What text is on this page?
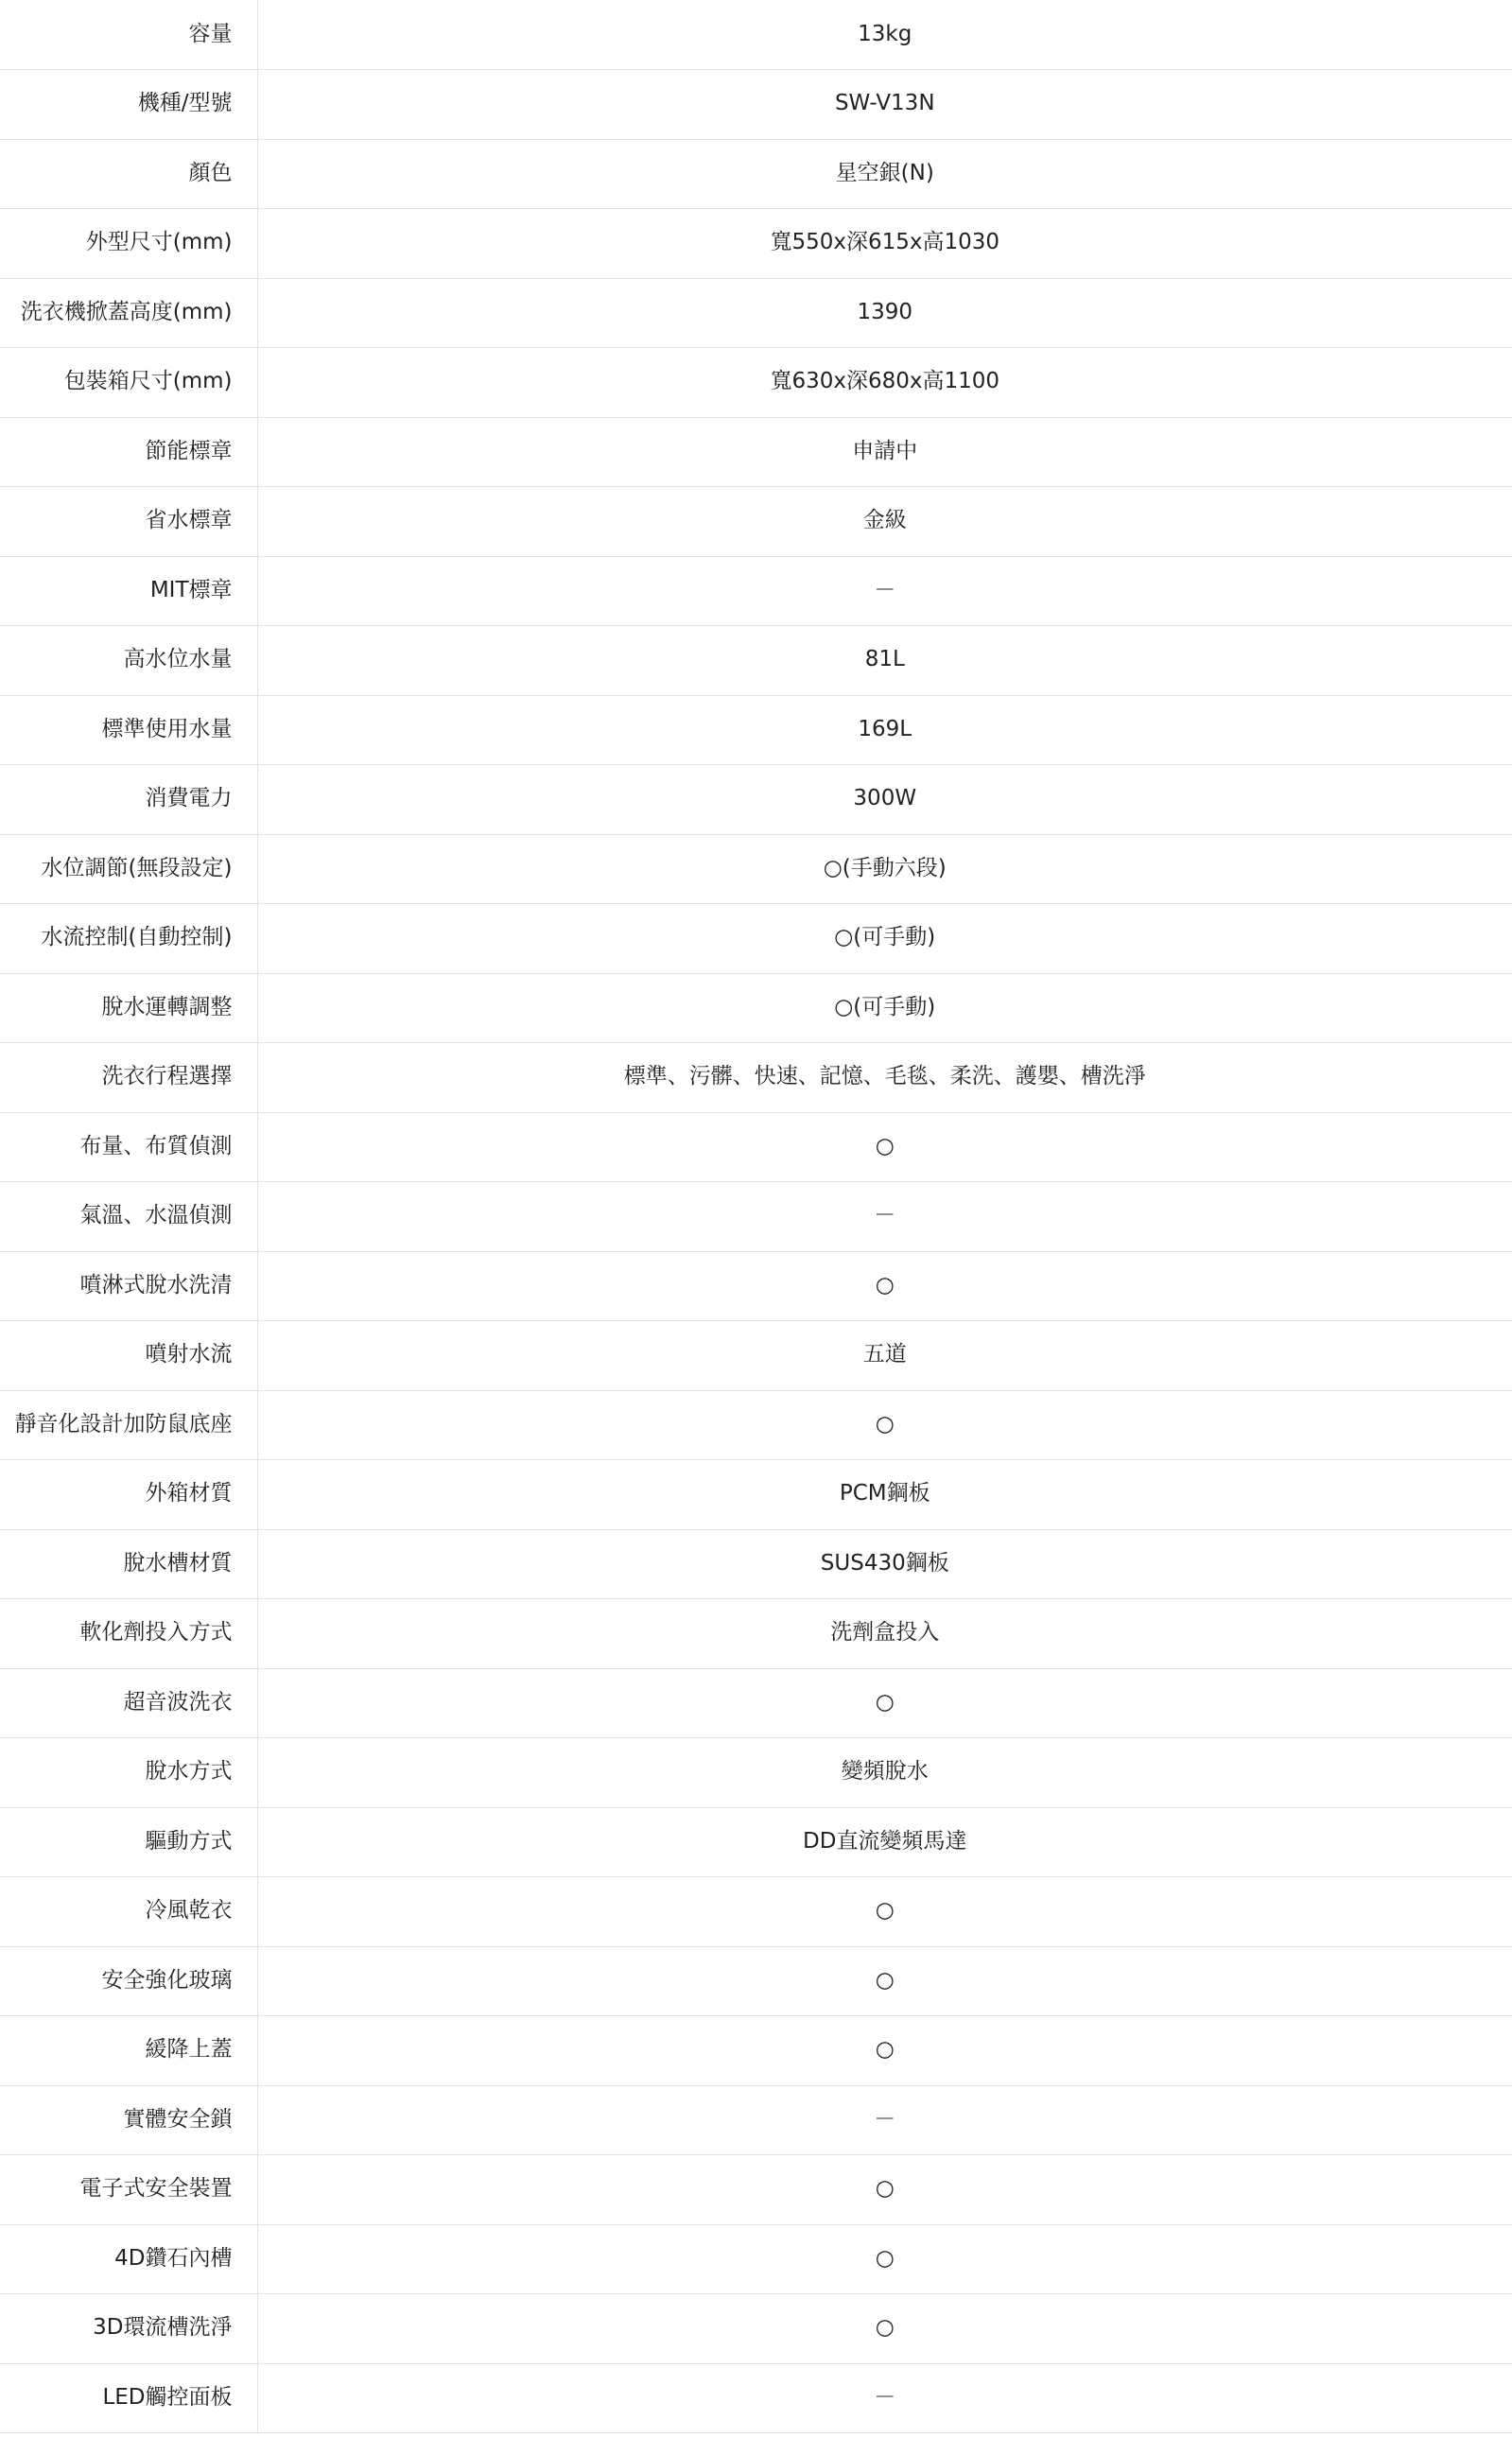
容量	13kg
機種/型號	SW-V13N
顏色	星空銀(N)
外型尺寸(mm)	寬550x深615x高1030
洗衣機掀蓋高度(mm)	1390
包裝箱尺寸(mm)	寬630x深680x高1100
節能標章	申請中
省水標章	金級
MIT標章	－
高水位水量	81L
標準使用水量	169L
消費電力	300W
水位調節(無段設定)	○(手動六段)
水流控制(自動控制)	○(可手動)
脫水運轉調整	○(可手動)
洗衣行程選擇	標準、污髒、快速、記憶、毛毯、柔洗、護嬰、槽洗淨
布量、布質偵測	○
氣溫、水溫偵測	－
噴淋式脫水洗清	○
噴射水流	五道
靜音化設計加防鼠底座	○
外箱材質	PCM鋼板
脫水槽材質	SUS430鋼板
軟化劑投入方式	洗劑盒投入
超音波洗衣	○
脫水方式	變頻脫水
驅動方式	DD直流變頻馬達
冷風乾衣	○
安全強化玻璃	○
緩降上蓋	○
實體安全鎖	－
電子式安全裝置	○
4D鑽石內槽	○
3D環流槽洗淨	○
LED觸控面板	－
